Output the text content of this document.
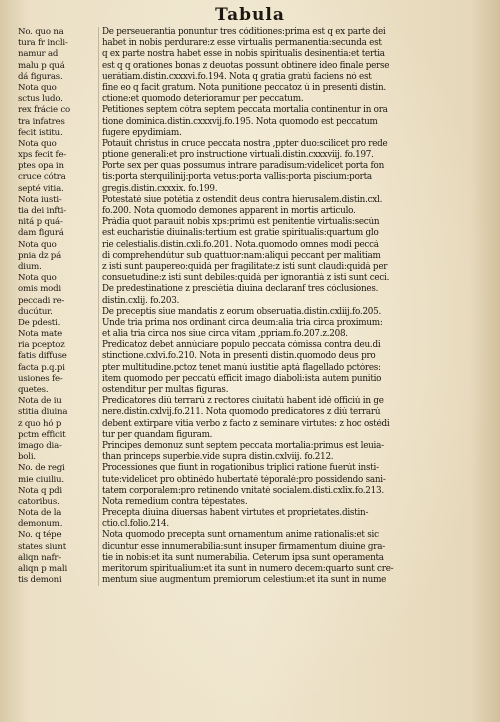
Tabula
No. quo na
tura fr incli-
namur ad
malu p quá
dá figuras.
Nota quo
sctus ludo.
rex frácie co
tra infatres
fecit istitu.
Nota quo
xps fecit fe-
ptes opa in
cruce cótra
septé vitia.
Nota iusti-
tia dei infti-
nitá p quá-
dam figurá
Nota quo
pnia dz pá
dium.
Nota quo
omis modi
peccadi re-
ducútur.
De pdesti.
Nota mate
ria pceptoz
fatis diffuse
facta p.q.pi
usiones fe-
quetes.
Nota de iu
stitia diuina
z quo hó p
pctm efficit
imago dia-
boli.
No. de regi
mie ciuiliu.
Nota q pdi
catoribus.
Nota de la
demonum.
No. q tépe
states siunt
aliqn nafr-
aliqn p mali
tis demoni
De perseuerantia ponuntur tres códitiones:prima est q ex parte dei
habet in nobis perdurare:z esse virtualis permanentia:secunda est
q ex parte nostra habet esse in nobis spiritualis desinentia:et tertia
est q q orationes bonas z deuotas possunt obtinere ideo finale perse
uerátiam.distin.cxxxvi.fo.194. Nota q gratia gratú faciens nó est
fine eo q facit gratum. Nota punitione peccatoz ú in presenti distin.
ctione:et quomodo deterioramur per peccatum.
Petitiones septem cótra septem peccata mortalia continentur in ora
tione dominica.distin.cxxxvij.fo.195. Nota quomodo est peccatum
fugere epydimiam.
Potauit christus in cruce peccata nostra ,ppter duo:scilicet pro rede
ptione generali:et pro instructione virtuali.distin.cxxxviij. fo.197.
Porte sex per quas possumus intrare paradisum:videlicet porta fon
tis:porta sterquilinij:porta vetus:porta vallis:porta piscium:porta
gregis.distin.cxxxix. fo.199.
Potestaté siue potétia z ostendit deus contra hierusalem.distin.cxl.
fo.200. Nota quomodo demones apparent in mortis articulo.
Prádia quot parauit nobis xps:primú est penitentie virtualis:secún
est eucharistie diuinalis:tertium est gratie spiritualis:quartum glo
rie celestialis.distin.cxli.fo.201. Nota.quomodo omnes modi peccá
di comprehendútur sub quattuor:nam:aliqui peccant per malitiam
z isti sunt paupereo:quidá per fragilitate:z isti sunt claudi:quidá per
consuetudine:z isti sunt debiles:quidá per ignorantiá z isti sunt ceci.
De predestinatione z presciétia diuina declaranf tres cóclusiones.
distin.cxlij. fo.203.
De preceptis siue mandatis z eorum obseruatia.distin.cxliij.fo.205.
Unde tria prima nos ordinant circa deum:alia tria circa proximum:
et alia tria circa nos siue circa vitam ,ppriam.fo.207.z.208.
Predicatoz debet annúciare populo peccata cómissa contra deu.di
stinctione.cxlvi.fo.210. Nota in presenti distin.quomodo deus pro
pter multitudine.pctoz tenet manú iustitie aptá flagellado pctóres:
item quomodo per peccatú efficit imago diaboli:ista autem punitio
ostenditur per multas figuras.
Predicatores diú terrarú z rectores ciuitatú habent idé officiú in ge
nere.distin.cxlvij.fo.211. Nota quomodo predicatores z diú terrarú
debent extirpare vitia verbo z facto z seminare virtutes: z hoc ostédi
tur per quandam figuram.
Principes demonuz sunt septem peccata mortalia:primus est leuia-
than princeps superbie.vide supra distin.cxlviij. fo.212.
Processiones que fiunt in rogationibus triplici ratione fuerút insti-
tute:videlicet pro obtinédo hubertaté téporalé:pro possidendo sani-
tatem corporalem:pro retinendo vnitaté socialem.disti.cxlix.fo.213.
Nota remedium contra tépestates.
Precepta diuina diuersas habent virtutes et proprietates.distin-
ctio.cl.folio.214.
Nota quomodo precepta sunt ornamentum anime rationalis:et sic
dicuntur esse innumerabilia:sunt insuper firmamentum diuine gra-
tie in nobis:et ita sunt numerabilia. Ceterum ipsa sunt operamenta
meritorum spiritualium:et ita sunt in numero decem:quarto sunt cre-
mentum siue augmentum premiorum celestium:et ita sunt in nume
